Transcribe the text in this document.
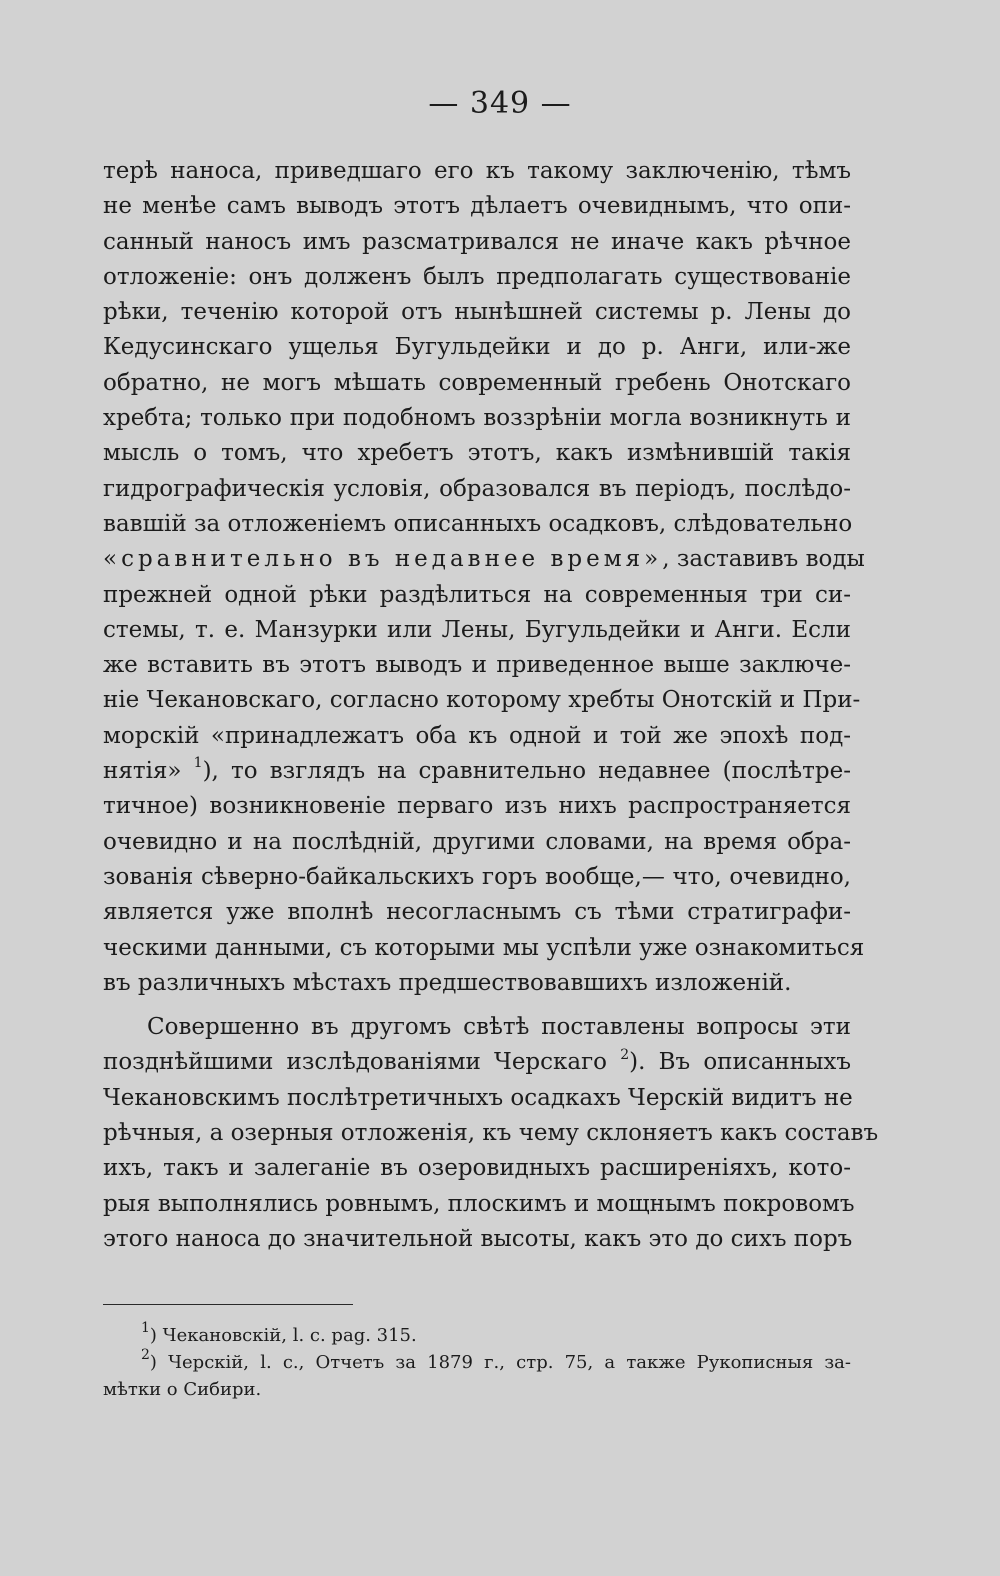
— 349 —
терѣ наноса, приведшаго его къ такому заключенію, тѣмъ
не менѣе самъ выводъ этотъ дѣлаетъ очевиднымъ, что опи-
санный наносъ имъ разсматривался не иначе какъ рѣчное
отложеніе: онъ долженъ былъ предполагать существованіе
рѣки, теченію которой отъ нынѣшней системы р. Лены до
Кедусинскаго ущелья Бугульдейки и до р. Анги, или-же
обратно, не могъ мѣшать современный гребень Онотскаго
хребта; только при подобномъ воззрѣніи могла возникнуть и
мысль о томъ, что хребетъ этотъ, какъ измѣнившій такія
гидрографическія условія, образовался въ періодъ, послѣдо-
вавшій за отложеніемъ описанныхъ осадковъ, слѣдовательно
«сравнительно въ недавнее время», заставивъ воды
прежней одной рѣки раздѣлиться на современныя три си-
стемы, т. е. Манзурки или Лены, Бугульдейки и Анги. Если
же вставить въ этотъ выводъ и приведенное выше заключе-
ніе Чекановскаго, согласно которому хребты Онотскій и При-
морскій «принадлежатъ оба къ одной и той же эпохѣ под-
нятія» $^1$), то взглядъ на сравнительно недавнее (послѣтре-
тичное) возникновеніе перваго изъ нихъ распространяется
очевидно и на послѣдній, другими словами, на время обра-
зованія сѣверно-байкальскихъ горъ вообще,— что, очевидно,
является уже вполнѣ несогласнымъ съ тѣми стратиграфи-
ческими данными, съ которыми мы успѣли уже ознакомиться
въ различныхъ мѣстахъ предшествовавшихъ изложеній.
Совершенно въ другомъ свѣтѣ поставлены вопросы эти
позднѣйшими изслѣдованіями Черскаго $^2$). Въ описанныхъ
Чекановскимъ послѣтретичныхъ осадкахъ Черскій видитъ не
рѣчныя, а озерныя отложенія, къ чему склоняетъ какъ составъ
ихъ, такъ и залеганіе въ озеровидныхъ расширеніяхъ, кото-
рыя выполнялись ровнымъ, плоскимъ и мощнымъ покровомъ
этого наноса до значительной высоты, какъ это до сихъ поръ
$^1$) Чекановскій, l. c. pag. 315.
$^2$) Черскій, l. c., Отчетъ за 1879 г., стр. 75, а также Рукописныя за-
мѣтки о Сибири.
